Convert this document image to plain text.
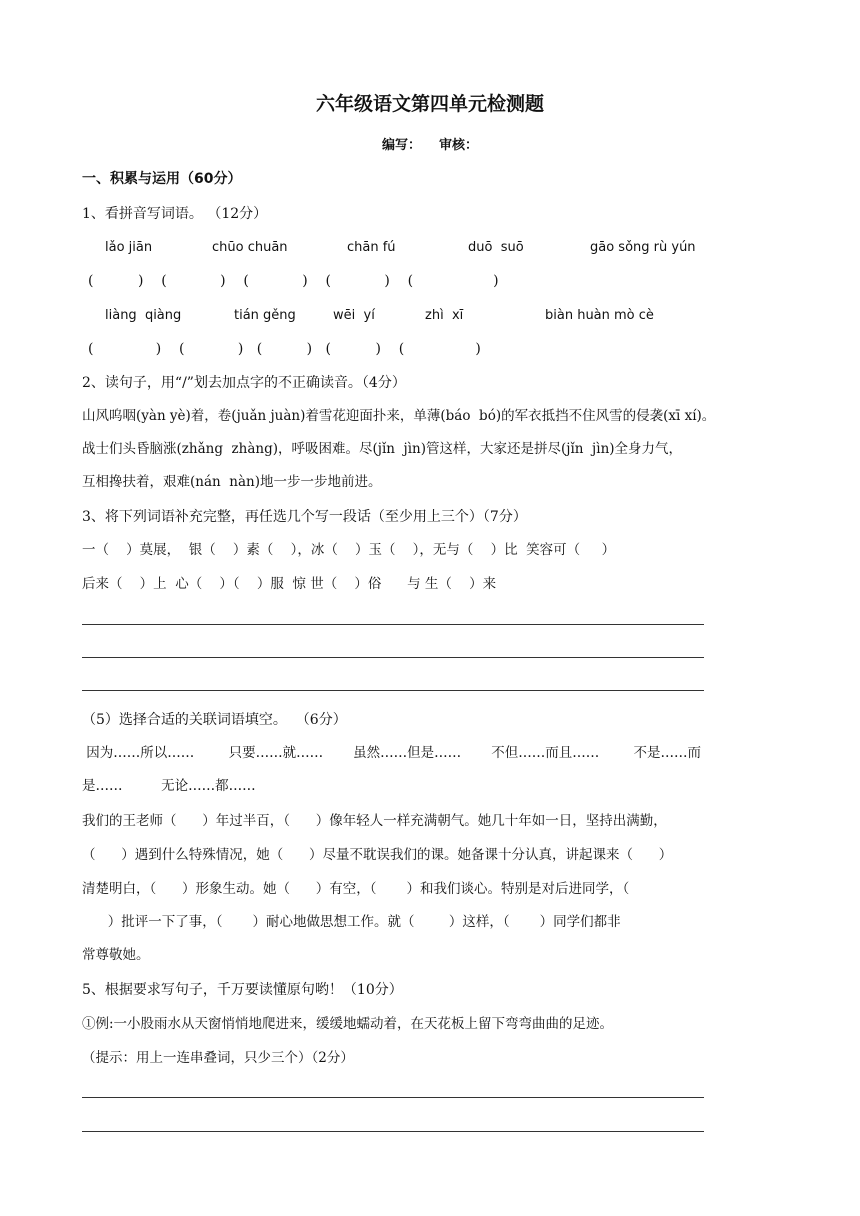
六年级语文第四单元检测题
编写：    审核：
一、积累与运用（60分）
1、看拼音写词语。 （12分）
lǎo jiān	chūo chuān	chān fú	duō  suō	gāo sǒng rù yún
(          )    (            )    (            )    (            )    (                  )
liàng  qiàng	tián gěng	wēi  yí	zhì  xī	biàn huàn mò cè
(              )    (            )   (          )   (          )    (                )
2、读句子，用“/”划去加点字的不正确读音。（4分）
山风呜咽(yàn yè)着，卷(juǎn juàn)着雪花迎面扑来，单薄(báo  bó)的军衣抵挡不住风雪的侵袭(xī xí)。
战士们头昏脑涨(zhǎng  zhàng)，呼吸困难。尽(jǐn  jìn)管这样，大家还是拼尽(jǐn  jìn)全身力气，
互相搀扶着，艰难(nán  nàn)地一步一步地前进。
3、将下列词语补充完整，再任选几个写一段话（至少用上三个）（7分）
一（    ）莫展，  银（    ）素（    ），冰（    ）玉（    ），无与（    ）比  笑容可（     ）
后来（    ）上  心（    ）（    ）服  惊 世（    ）俗      与 生（    ）来
（5）选择合适的关联词语填空。  （6分）
因为……所以……        只要……就……       虽然……但是……       不但……而且……        不是……而
是……         无论……都……
我们的王老师（      ）年过半百，（      ）像年轻人一样充满朝气。她几十年如一日，坚持出满勤，
（      ）遇到什么特殊情况，她（      ）尽量不耽误我们的课。她备课十分认真，讲起课来（      ）
清楚明白，（      ）形象生动。她（      ）有空，（       ）和我们谈心。特别是对后进同学，（
）批评一下了事，（       ）耐心地做思想工作。就（        ）这样，（       ）同学们都非
常尊敬她。
5、根据要求写句子，千万要读懂原句哟！（10分）
①例:一小股雨水从天窗悄悄地爬进来，缓缓地蠕动着，在天花板上留下弯弯曲曲的足迹。
（提示：用上一连串叠词，只少三个）（2分）
